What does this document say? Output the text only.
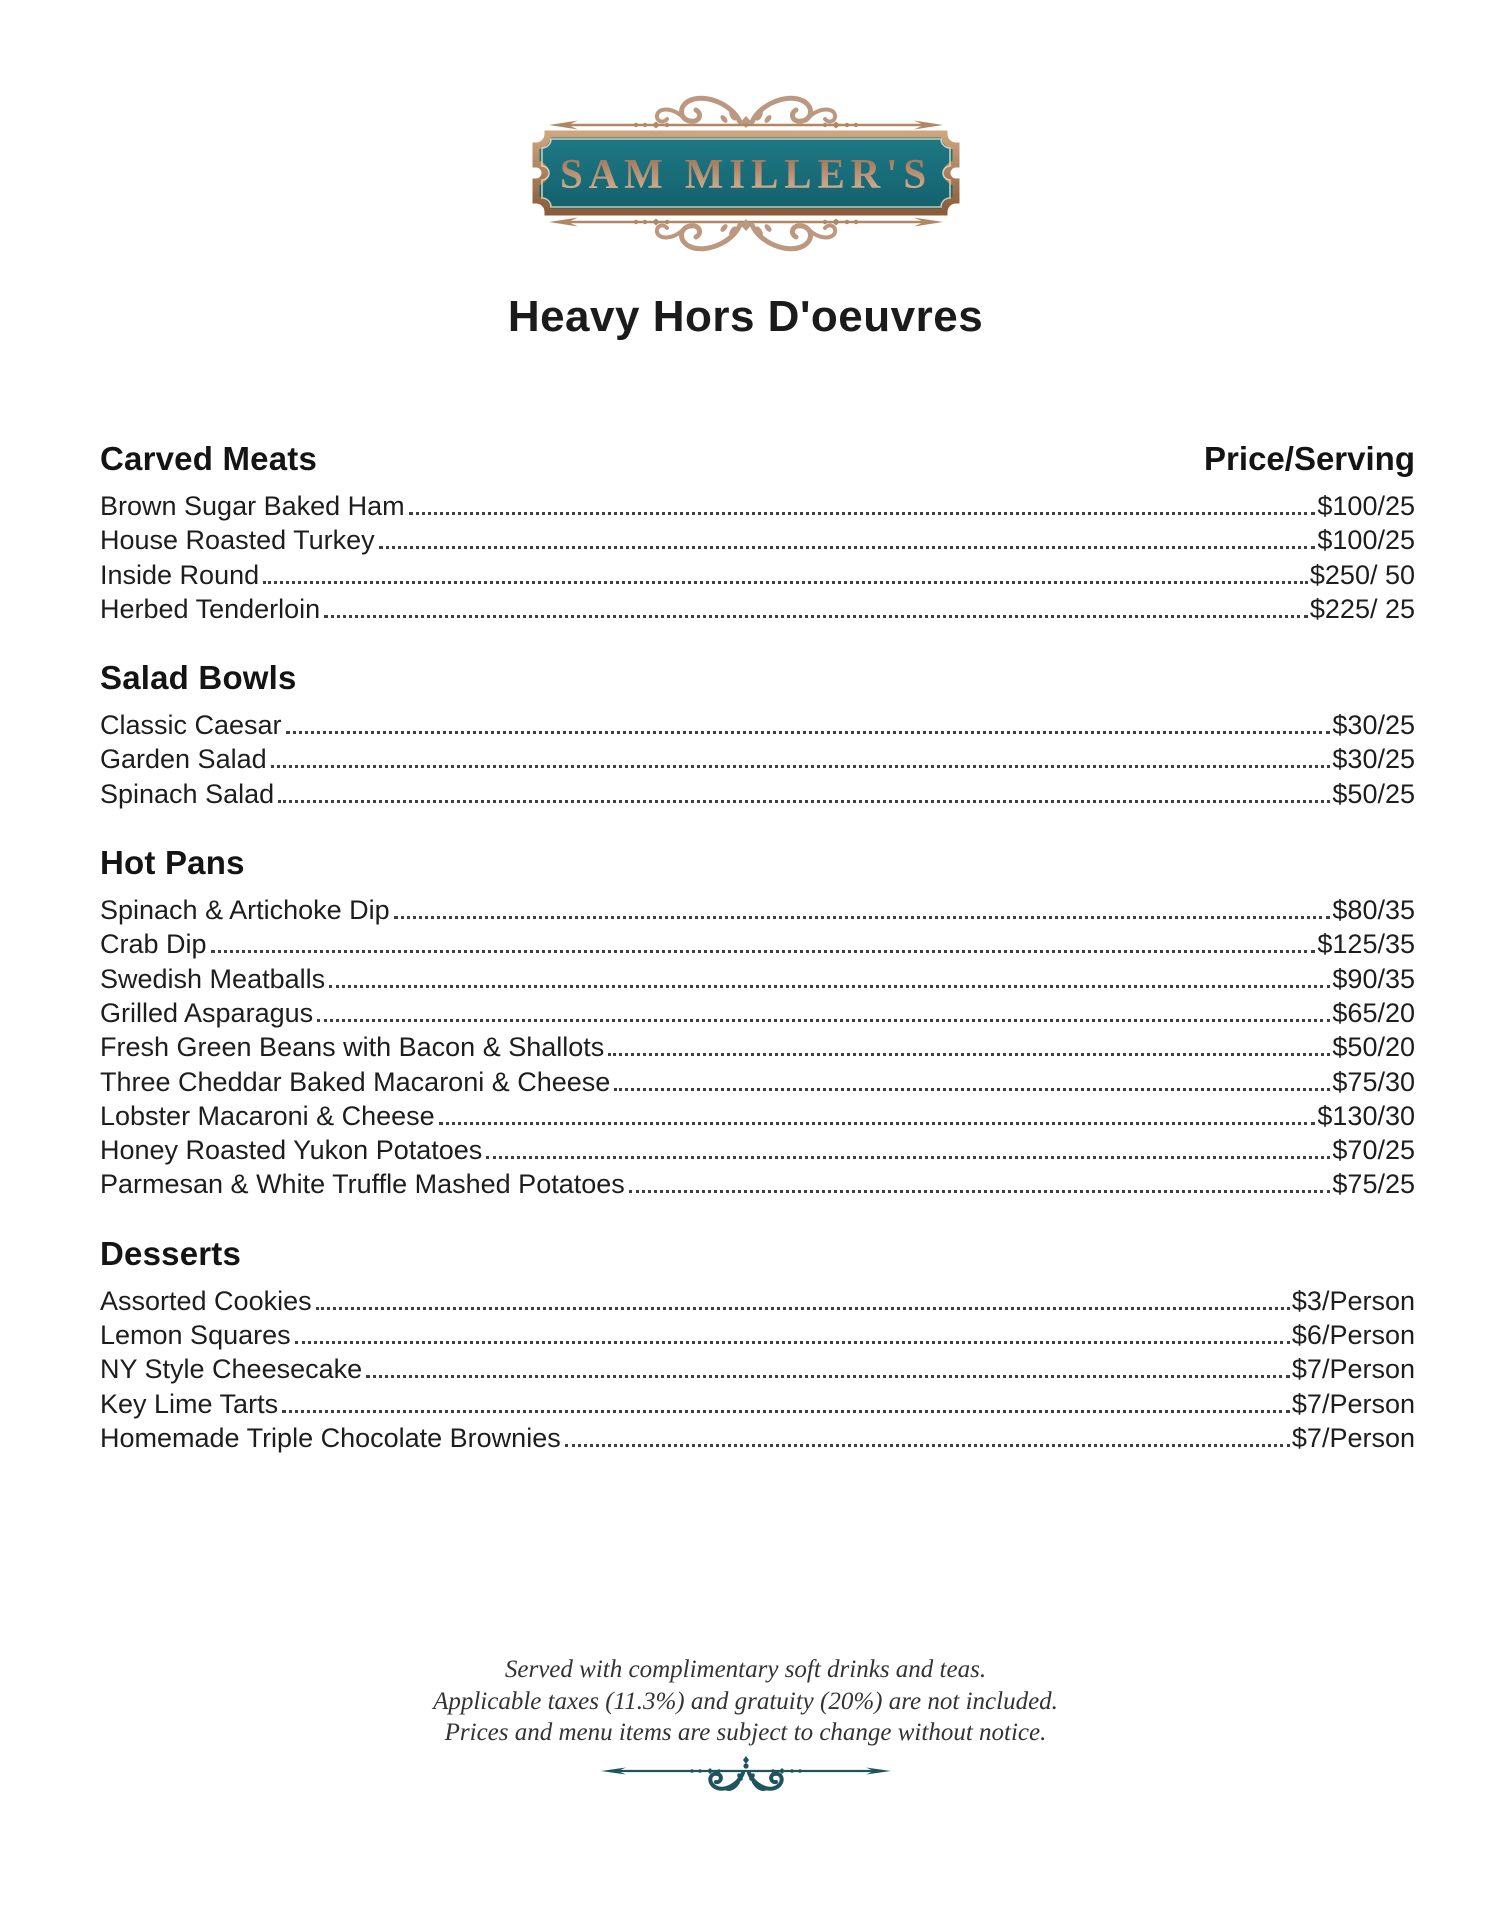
SAM MILLER'S
Heavy Hors D'oeuvres
Carved Meats	Price/Serving
Brown Sugar Baked Ham	$100/25
House Roasted Turkey	$100/25
Inside Round	$250/ 50
Herbed Tenderloin	$225/ 25
Salad Bowls
Classic Caesar	$30/25
Garden Salad	$30/25
Spinach Salad	$50/25
Hot Pans
Spinach & Artichoke Dip	$80/35
Crab Dip	$125/35
Swedish Meatballs	$90/35
Grilled Asparagus	$65/20
Fresh Green Beans with Bacon & Shallots	$50/20
Three Cheddar Baked Macaroni & Cheese	$75/30
Lobster Macaroni & Cheese	$130/30
Honey Roasted Yukon Potatoes	$70/25
Parmesan & White Truffle Mashed Potatoes	$75/25
Desserts
Assorted Cookies	$3/Person
Lemon Squares	$6/Person
NY Style Cheesecake	$7/Person
Key Lime Tarts	$7/Person
Homemade Triple Chocolate Brownies	$7/Person

Served with complimentary soft drinks and teas.

Applicable taxes (11.3%) and gratuity (20%) are not included.

Prices and menu items are subject to change without notice.
